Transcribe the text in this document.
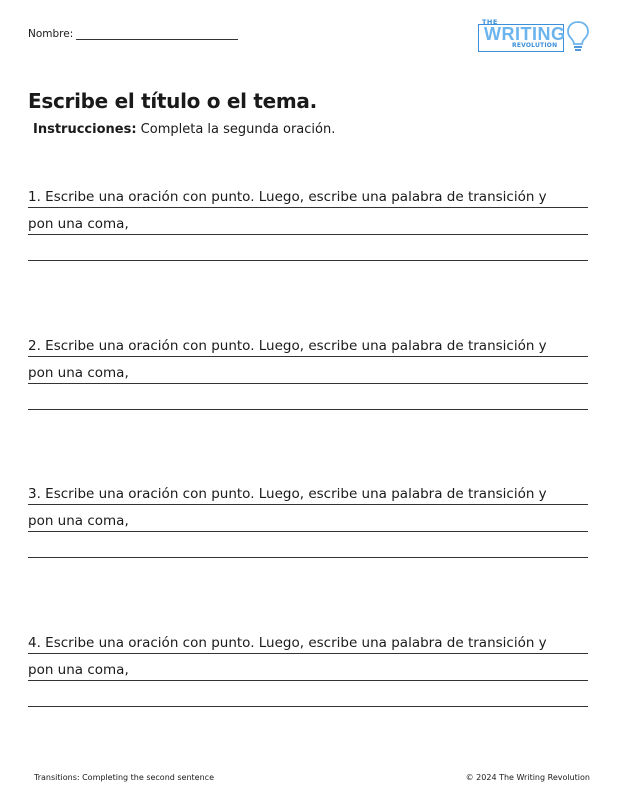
Nombre:
THE
WRITING
REVOLUTION
Escribe el título o el tema.
Instrucciones: Completa la segunda oración.
1. Escribe una oración con punto. Luego, escribe una palabra de transición y
pon una coma,
2. Escribe una oración con punto. Luego, escribe una palabra de transición y
pon una coma,
3. Escribe una oración con punto. Luego, escribe una palabra de transición y
pon una coma,
4. Escribe una oración con punto. Luego, escribe una palabra de transición y
pon una coma,
Transitions: Completing the second sentence	© 2024 The Writing Revolution
